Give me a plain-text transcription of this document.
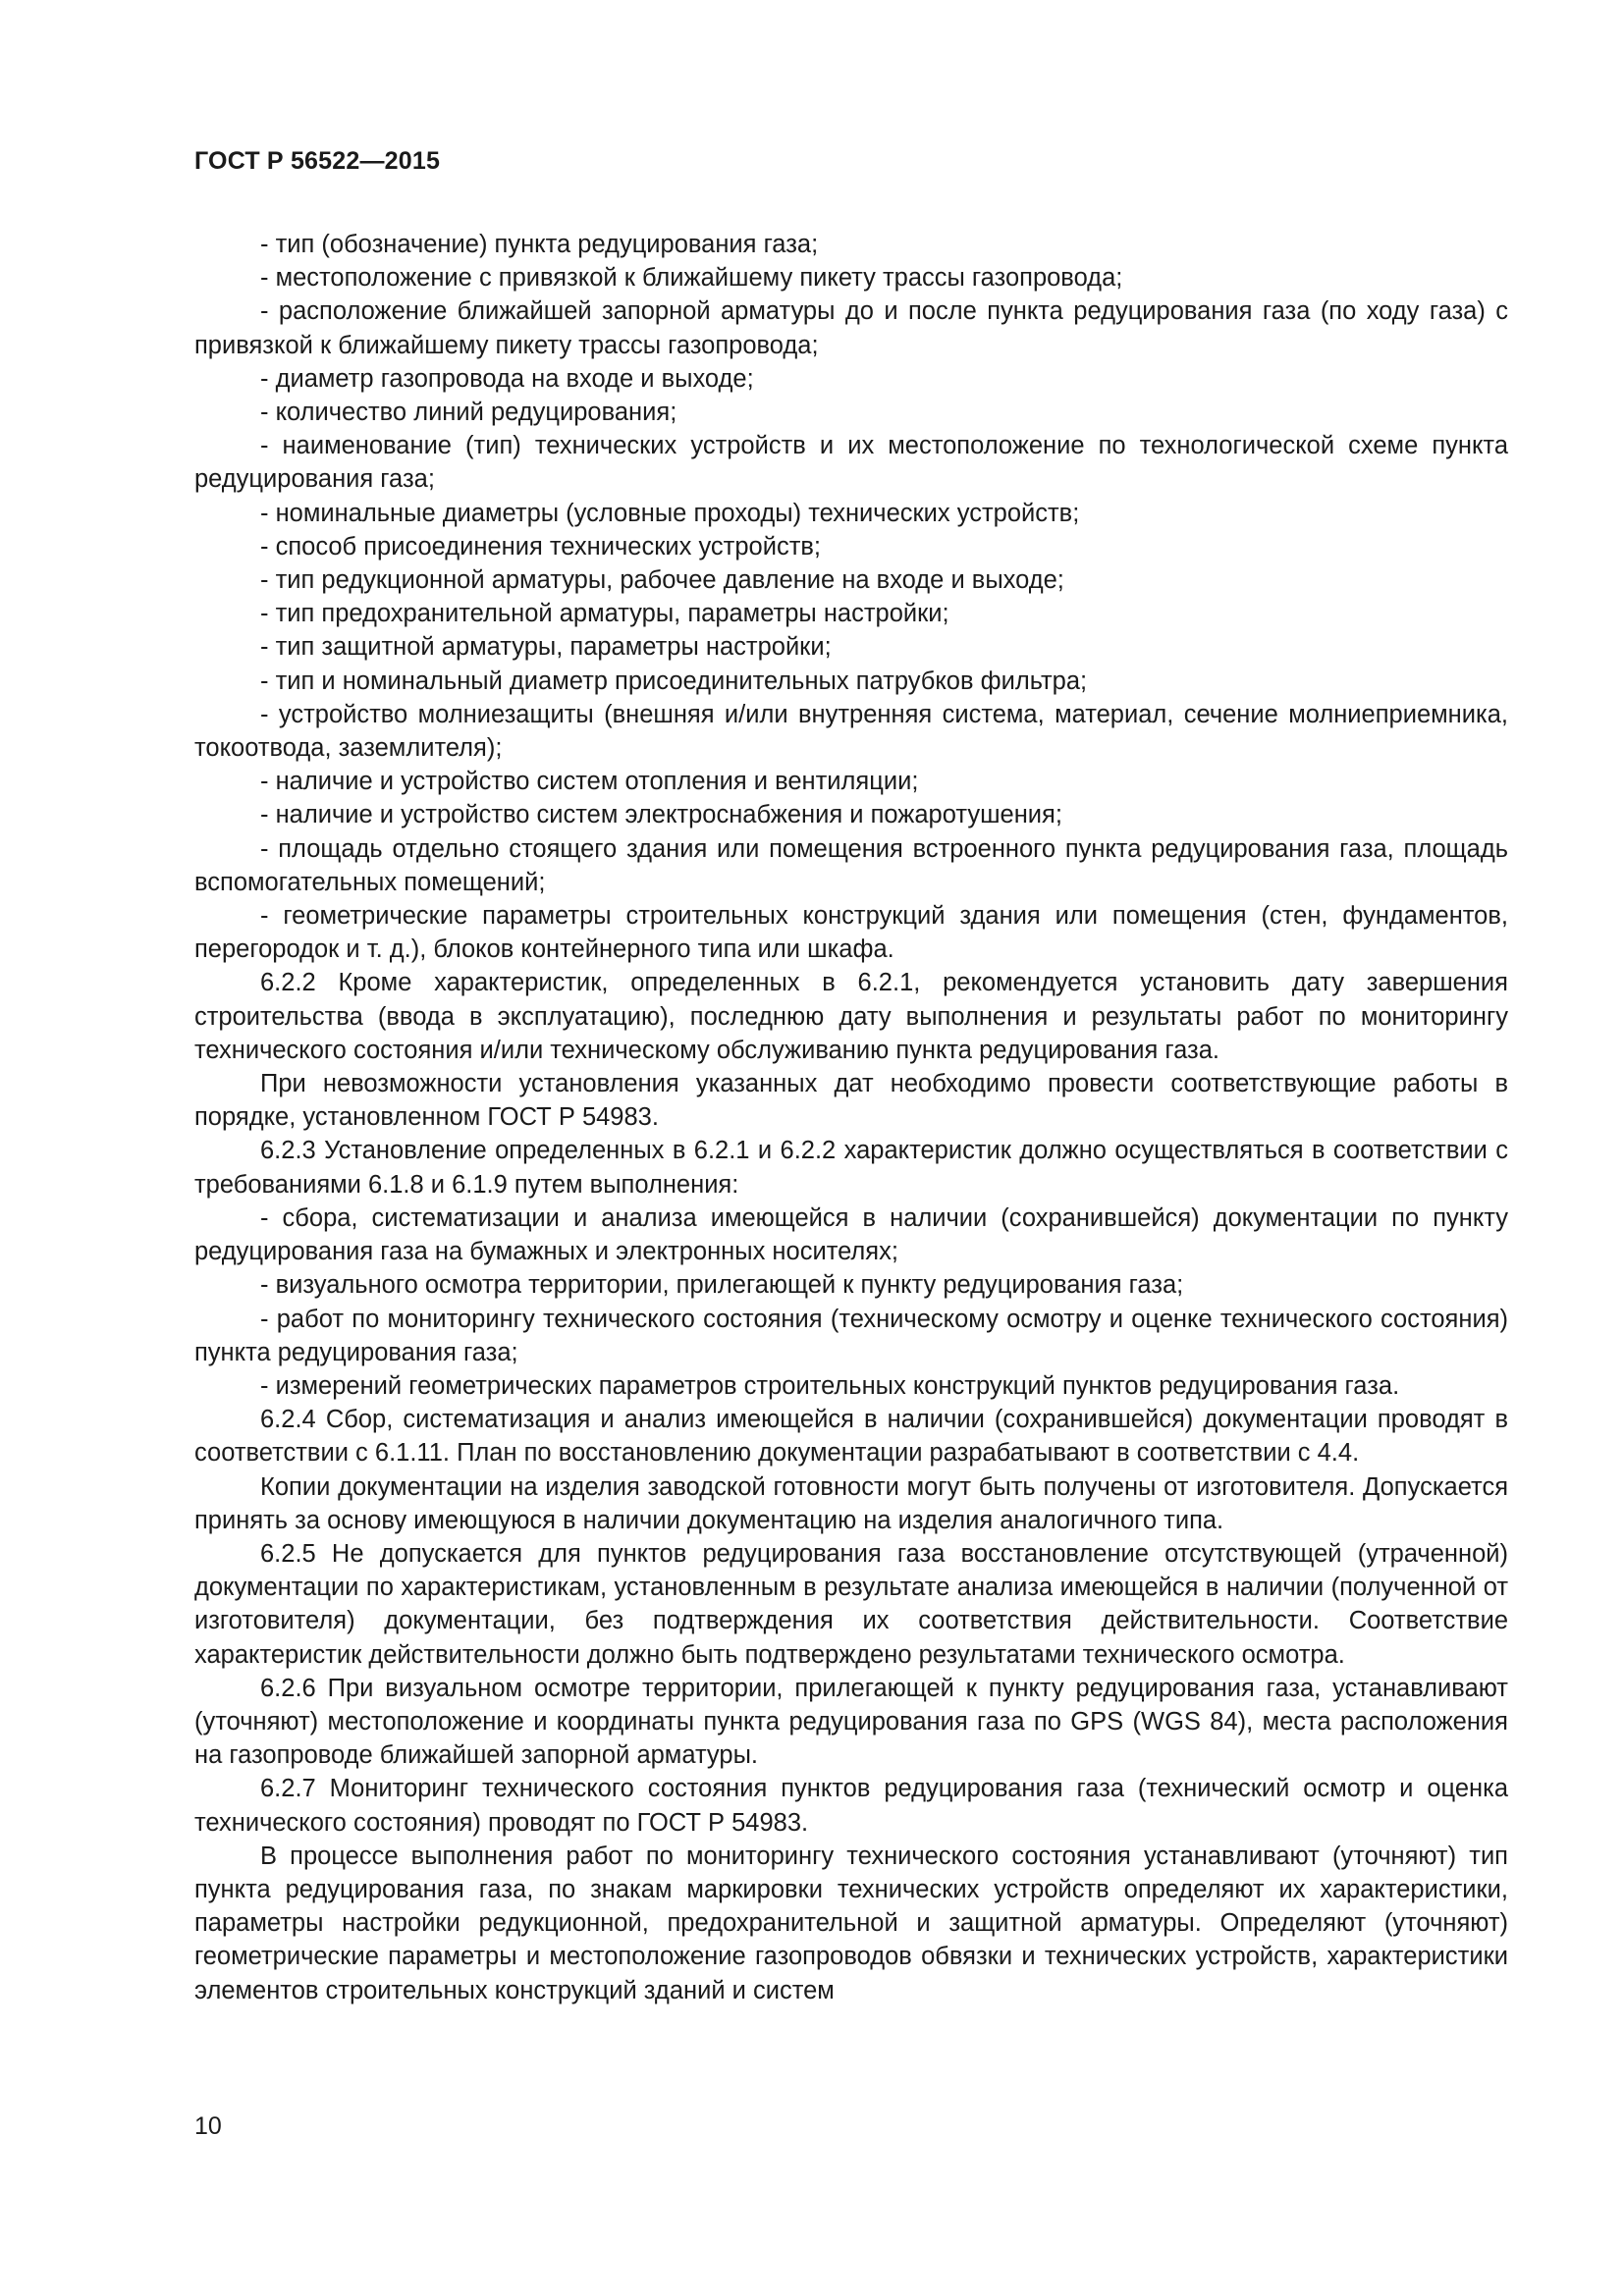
ГОСТ Р 56522—2015

- тип (обозначение) пункта редуцирования газа;

- местоположение с привязкой к ближайшему пикету трассы газопровода;

- расположение ближайшей запорной арматуры до и после пункта редуцирования газа (по ходу газа) с привязкой к ближайшему пикету трассы газопровода;

- диаметр газопровода на входе и выходе;

- количество линий редуцирования;

- наименование (тип) технических устройств и их местоположение по технологической схеме пункта редуцирования газа;

- номинальные диаметры (условные проходы) технических устройств;

- способ присоединения технических устройств;

- тип редукционной арматуры, рабочее давление на входе и выходе;

- тип предохранительной арматуры, параметры настройки;

- тип защитной арматуры, параметры настройки;

- тип и номинальный диаметр присоединительных патрубков фильтра;

- устройство молниезащиты (внешняя и/или внутренняя система, материал, сечение молниеприемника, токоотвода, заземлителя);

- наличие и устройство систем отопления и вентиляции;

- наличие и устройство систем электроснабжения и пожаротушения;

- площадь отдельно стоящего здания или помещения встроенного пункта редуцирования газа, площадь вспомогательных помещений;

- геометрические параметры строительных конструкций здания или помещения (стен, фундаментов, перегородок и т. д.), блоков контейнерного типа или шкафа.

6.2.2 Кроме характеристик, определенных в 6.2.1, рекомендуется установить дату завершения строительства (ввода в эксплуатацию), последнюю дату выполнения и результаты работ по мониторингу технического состояния и/или техническому обслуживанию пункта редуцирования газа.

При невозможности установления указанных дат необходимо провести соответствующие работы в порядке, установленном ГОСТ Р 54983.

6.2.3 Установление определенных в 6.2.1 и 6.2.2 характеристик должно осуществляться в соответствии с требованиями 6.1.8 и 6.1.9 путем выполнения:

- сбора, систематизации и анализа имеющейся в наличии (сохранившейся) документации по пункту редуцирования газа на бумажных и электронных носителях;

- визуального осмотра территории, прилегающей к пункту редуцирования газа;

- работ по мониторингу технического состояния (техническому осмотру и оценке технического состояния) пункта редуцирования газа;

- измерений геометрических параметров строительных конструкций пунктов редуцирования газа.

6.2.4 Сбор, систематизация и анализ имеющейся в наличии (сохранившейся) документации проводят в соответствии с 6.1.11. План по восстановлению документации разрабатывают в соответствии с 4.4.

Копии документации на изделия заводской готовности могут быть получены от изготовителя. Допускается принять за основу имеющуюся в наличии документацию на изделия аналогичного типа.

6.2.5 Не допускается для пунктов редуцирования газа восстановление отсутствующей (утраченной) документации по характеристикам, установленным в результате анализа имеющейся в наличии (полученной от изготовителя) документации, без подтверждения их соответствия действительности. Соответствие характеристик действительности должно быть подтверждено результатами технического осмотра.

6.2.6 При визуальном осмотре территории, прилегающей к пункту редуцирования газа, устанавливают (уточняют) местоположение и координаты пункта редуцирования газа по GPS (WGS 84), места расположения на газопроводе ближайшей запорной арматуры.

6.2.7 Мониторинг технического состояния пунктов редуцирования газа (технический осмотр и оценка технического состояния) проводят по ГОСТ Р 54983.

В процессе выполнения работ по мониторингу технического состояния устанавливают (уточняют) тип пункта редуцирования газа, по знакам маркировки технических устройств определяют их характеристики, параметры настройки редукционной, предохранительной и защитной арматуры. Определяют (уточняют) геометрические параметры и местоположение газопроводов обвязки и технических устройств, характеристики элементов строительных конструкций зданий и систем

10
